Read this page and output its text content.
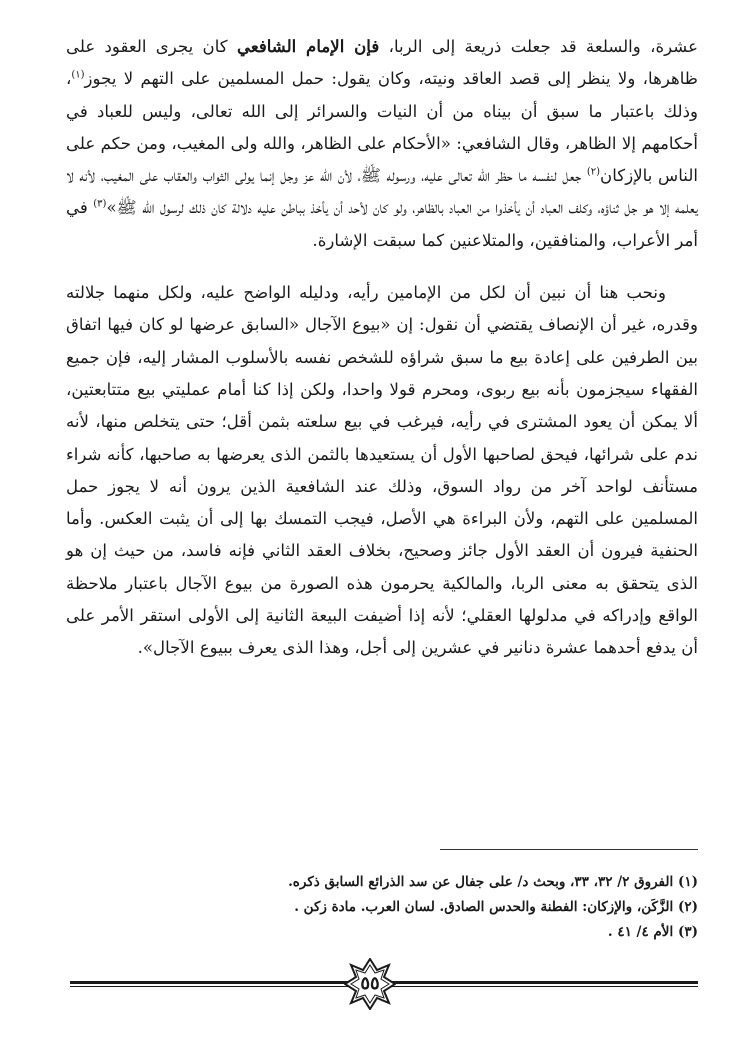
عشرة، والسلعة قد جعلت ذريعة إلى الربا، فإن الإمام الشافعي كان يجرى العقود على ظاهرها، ولا ينظر إلى قصد العاقد ونيته، وكان يقول: حمل المسلمين على التهم لا يجوز$^{(١)}$، وذلك باعتبار ما سبق أن بيناه من أن النيات والسرائر إلى الله تعالى، وليس للعباد في أحكامهم إلا الظاهر، وقال الشافعي: «الأحكام على الظاهر، والله ولى المغيب، ومن حكم على الناس بالإزكان$^{(٢)}$ جعل لنفسه ما حظر الله تعالى عليه، ورسوله ﷺ، لأن الله عز وجل إنما يولى الثواب والعقاب على المغيب، لأنه لا يعلمه إلا هو جل ثناؤه، وكلف العباد أن يأخذوا من العباد بالظاهر، ولو كان لأحد أن يأخذ بباطن عليه دلالة كان ذلك لرسول الله ﷺ»$^{(٣)}$ في أمر الأعراب، والمنافقين، والمتلاعنين كما سبقت الإشارة.

ونحب هنا أن نبين أن لكل من الإمامين رأيه، ودليله الواضح عليه، ولكل منهما جلالته وقدره، غير أن الإنصاف يقتضي أن نقول: إن «بيوع الآجال «السابق عرضها لو كان فيها اتفاق بين الطرفين على إعادة بيع ما سبق شراؤه للشخص نفسه بالأسلوب المشار إليه، فإن جميع الفقهاء سيجزمون بأنه بيع ربوى، ومحرم قولا واحدا، ولكن إذا كنا أمام عمليتي بيع متتابعتين، ألا يمكن أن يعود المشترى في رأيه، فيرغب في بيع سلعته بثمن أقل؛ حتى يتخلص منها، لأنه ندم على شرائها، فيحق لصاحبها الأول أن يستعيدها بالثمن الذى يعرضها به صاحبها، كأنه شراء مستأنف لواحد آخر من رواد السوق، وذلك عند الشافعية الذين يرون أنه لا يجوز حمل المسلمين على التهم، ولأن البراءة هي الأصل، فيجب التمسك بها إلى أن يثبت العكس. وأما الحنفية فيرون أن العقد الأول جائز وصحيح، بخلاف العقد الثاني فإنه فاسد، من حيث إن هو الذى يتحقق به معنى الربا، والمالكية يحرمون هذه الصورة من بيوع الآجال باعتبار ملاحظة الواقع وإدراكه في مدلولها العقلي؛ لأنه إذا أضيفت البيعة الثانية إلى الأولى استقر الأمر على أن يدفع أحدهما عشرة دنانير في عشرين إلى أجل، وهذا الذى يعرف ببيوع الآجال».

(١) الفروق ٢/ ٣٢، ٣٣، وبحث د/ على جفال عن سد الذرائع السابق ذكره.

(٢) الزَّكَن، والإزكان: الفطنة والحدس الصادق. لسان العرب. مادة زكن .

(٣) الأم ٤/ ٤١ .

٥٥
